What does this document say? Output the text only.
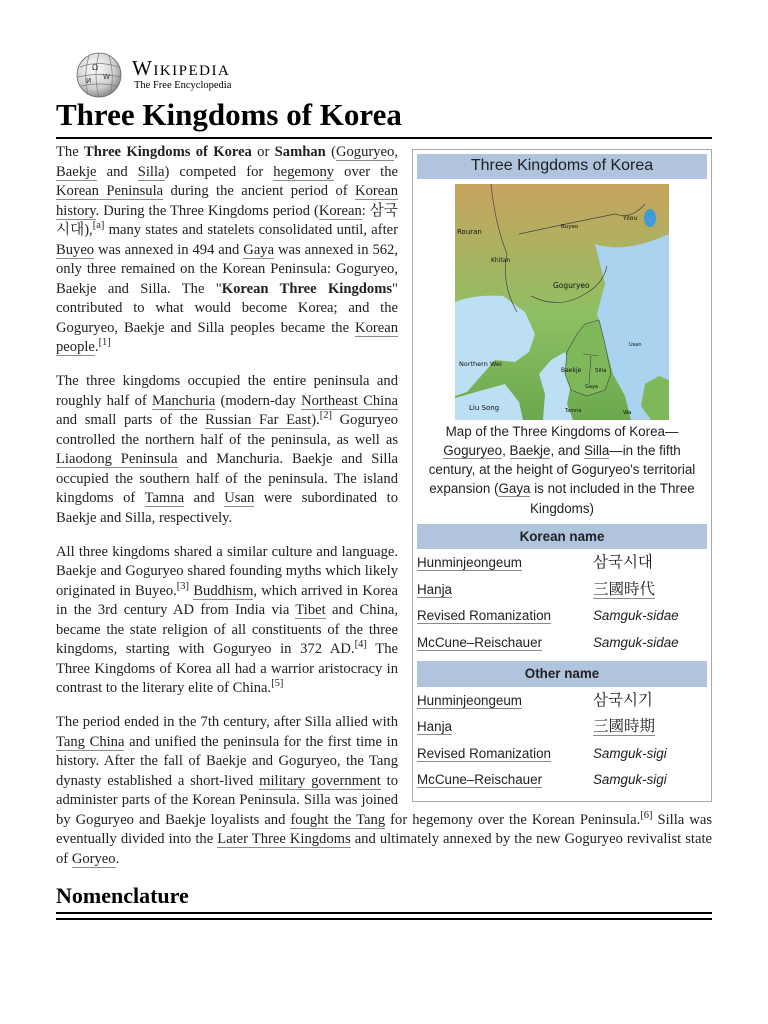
Ω
W
И
Wikipedia
The Free Encyclopedia
Three Kingdoms of Korea
Three Kingdoms of Korea
Rouran
Buyeo
Yilou
Khitan
Goguryeo
Northern Wei
Baekje Silla
Gaya
Usan
Liu Song	Tamna	Wa
Map of the Three Kingdoms of Korea—Goguryeo, Baekje, and Silla—in the fifth century, at the height of Goguryeo's territorial expansion (Gaya is not included in the Three Kingdoms)
Korean name
Hunminjeongeum	삼국시대
Hanja	三國時代
Revised Romanization	Samguk-sidae
McCune–Reischauer	Samguk-sidae
Other name
Hunminjeongeum	삼국시기
Hanja	三國時期
Revised Romanization	Samguk-sigi
McCune–Reischauer	Samguk-sigi

The Three Kingdoms of Korea or Samhan (Goguryeo, Baekje and Silla) competed for hegemony over the Korean Peninsula during the ancient period of Korean history. During the Three Kingdoms period (Korean: 삼국시대),[a] many states and statelets consolidated until, after Buyeo was annexed in 494 and Gaya was annexed in 562, only three remained on the Korean Peninsula: Goguryeo, Baekje and Silla. The "Korean Three Kingdoms" contributed to what would become Korea; and the Goguryeo, Baekje and Silla peoples became the Korean people.[1]

The three kingdoms occupied the entire peninsula and roughly half of Manchuria (modern-day Northeast China and small parts of the Russian Far East).[2] Goguryeo controlled the northern half of the peninsula, as well as Liaodong Peninsula and Manchuria. Baekje and Silla occupied the southern half of the peninsula. The island kingdoms of Tamna and Usan were subordinated to Baekje and Silla, respectively.

All three kingdoms shared a similar culture and language. Baekje and Goguryeo shared founding myths which likely originated in Buyeo.[3] Buddhism, which arrived in Korea in the 3rd century AD from India via Tibet and China, became the state religion of all constituents of the three kingdoms, starting with Goguryeo in 372 AD.[4] The Three Kingdoms of Korea all had a warrior aristocracy in contrast to the literary elite of China.[5]

The period ended in the 7th century, after Silla allied with Tang China and unified the peninsula for the first time in history. After the fall of Baekje and Goguryeo, the Tang dynasty established a short-lived military government to administer parts of the Korean Peninsula. Silla was joined by Goguryeo and Baekje loyalists and fought the Tang for hegemony over the Korean Peninsula.[6] Silla was eventually divided into the Later Three Kingdoms and ultimately annexed by the new Goguryeo revivalist state of Goryeo.

Nomenclature
